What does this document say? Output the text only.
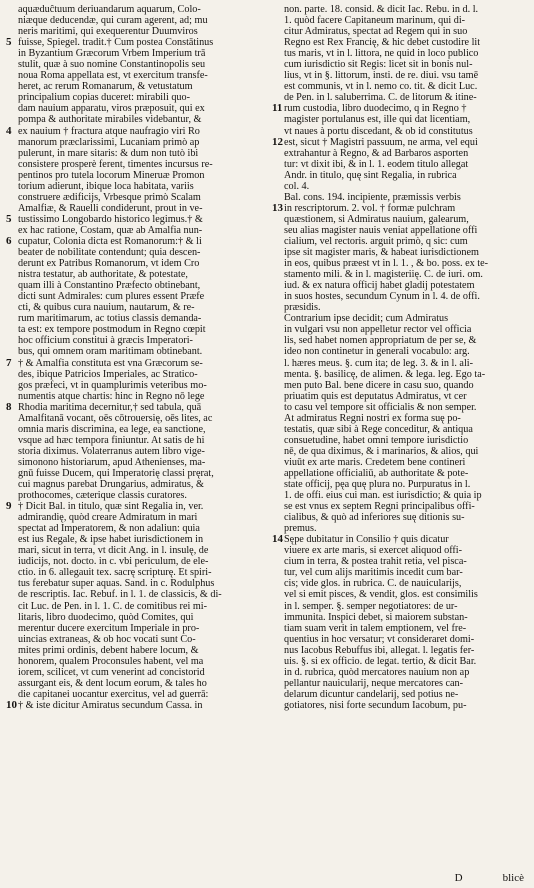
aquæduĉtuum deriuandarum aquarum, Colo-
niæque deducendæ, qui curam agerent, ad; mu
neris maritimi, qui exequerentur Duumviros
5 fuisse, Spiegel. tradit.† Cum postea Constātinus
in Byzantium Græcorum Vrbem Imperium trā
stulit, quæ à suo nomine Constantinopolis seu
noua Roma appellata est, vt exercitum transfe-
heret, ac rerum Romanarum, & vetustatum
principalium copias duceret: mirabili quo-
dam nauium apparatu, viros præposuit, qui ex
pompa & authoritate mirabiles videbantur, &
4 ex nauium † fractura atque naufragio viri Ro
manorum præclarissimi, Lucaniam primò ap
pulerunt, in mare sitaris: & dum non tutò ibi
consistere prosperè ferent, timentes incursus re-
pentinos pro tutela locorum Mineruæ Promon
torium adierunt, ibique loca habitata, variis
construere ædificijs, Vrbesque primò Scalam
Amalfiæ, & Rauelli condiderunt, prout in ve-
5 tustissimo Longobardo historico legimus.† &
ex hac ratione, Costam, quæ ab Amalfia nun-
6 cupatur, Colonia dicta est Romanorum:† & li
beater de nobilitate contendunt; quia descen-
derunt ex Patribus Romanorum, vt idem Cro
nistra testatur, ab authoritate, & potestate,
quam illi à Constantino Præfecto obtinebant,
dicti sunt Admirales: cum plures essent Præfe
cti, & quibus cura nauium, nautarum, & re-
rum maritimarum, ac totius classis demanda-
ta est: ex tempore postmodum in Regno cœpit
hoc officium constitui à græcis Imperatori-
bus, qui omnem oram maritimam obtinebant.
7 † & Amalfia constituta est vna Græcorum se-
des, ibique Patricios Imperiales, ac Stratico-
gos præfeci, vt in quamplurimis veteribus mo-
numentis atque chartis: hinc in Regno nō lege
8 Rhodia maritima decernitur,† sed tabula, quā
Amalfitanā vocant, oēs cōtrouersię, oēs lites, ac
omnia maris discrimina, ea lege, ea sanctione,
vsque ad hæc tempora finiuntur. At satis de hi
storia diximus. Volaterranus autem libro vige-
simonono historiarum, apud Athenienses, ma-
gnū fuisse Ducem, qui Imperatorię classi pręrat,
cui magnus parebat Drungarius, admiratus, &
prothocomes, cæterique classis curatores.
9 † Dicit Bal. in titulo, quæ sint Regalia in, ver.
admirandię, quòd creare Admiratum in mari
spectat ad Imperatorem, & non adaliun: quia
est ius Regale, & ipse habet iurisdictionem in
mari, sicut in terra, vt dicit Ang. in l. insulę, de
iudicijs, not. docto. in c. vbi periculum, de ele-
ctio. in 6. allegauit tex. sacrę scripturę. Et spiri-
tus ferebatur super aquas. Sand. in c. Rodulphus
de rescriptis. Iac. Rebuf. in l. 1. de classicis, & di-
cit Luc. de Pen. in l. 1. C. de comitibus rei mi-
litaris, libro duodecimo, quòd Comites, qui
merentur ducere exercitum Imperiale in pro-
uincias extraneas, & ob hoc vocati sunt Co-
mites primi ordinis, debent habere locum, &
honorem, qualem Proconsules habent, vel ma
iorem, scilicet, vt cum venerint ad concistorid
assurgant eis, & dent locum eorum, & tales ho
die capitanei uocantur exercitus, vel ad guerrā:
10 † & iste dicitur Amiratus secundum Cassa. in
non. parte. 18. consid. & dicit Iac. Rebu. in d. l.
1. quòd facere Capitaneum marinum, qui di-
citur Admiratus, spectat ad Regem qui in suo
Regno est Rex Francię, & hic debet custodire lit
tus maris, vt in l. littora, ne quid in loco publico
cum iurisdictio sit Regis: licet sit in bonis nul-
lius, vt in §. littorum, insti. de re. diui. vsu tamē
est communis, vt in l. nemo co. tit. & dicit Luc.
de Pen. in l. saluberrima. C. de litorum & itine-
11 rum custodia, libro duodecimo, q in Regno †
magister portulanus est, ille qui dat licentiam,
vt naues à portu discedant, & ob id constitutus
12 est, sicut † Magistri passuum, ne arma, vel equi
extrahantur à Regno, & ad Barbaros asporten
tur: vt dixit ibi, & in l. 1. eodem titulo allegat
Andr. in titulo, quę sint Regalia, in rubrica
col. 4.
Bal. cons. 194. incipiente, præmissis verbis
13 in rescriptorum. 2. vol. † formæ pulchram
quæstionem, si Admiratus nauium, galearum,
seu alias magister nauis veniat appellatione offi
cialium, vel rectoris. arguit primò, q sic: cum
ipse sit magister maris, & habeat iurisdictionem
in eos, quibus præest vt in l. 1. , & bo. poss. ex te-
stamento mili. & in l. magisteriię. C. de iuri. om.
iud. & ex natura officij habet gladij potestatem
in suos hostes, secundum Cynum in l. 4. de offi.
præsidis.
Contrarium ipse decidit; cum Admiratus
in vulgari vsu non appelletur rector vel officia
lis, sed habet nomen appropriatum de per se, &
ideo non continetur in generali vocabulo: arg.
l. hæres meus. §. cum ita; de leg. 3. & in l. ali-
menta. §. basilicę, de alimen. & lega. leg. Ego ta-
men puto Bal. bene dicere in casu suo, quando
priuatim quis est deputatus Admiratus, vt cer
to casu vel tempore sit officialis & non semper.
At admiratus Regni nostri ex forma suę po-
testatis, quæ sibi à Rege conceditur, & antiqua
consuetudine, habet omni tempore iurisdictio
nē, de qua diximus, & i marinarios, & alios, qui
viuūt ex arte maris. Credetem bene contineri
appellatione officialiū, ab authoritate & pote-
state officij, pęa quę plura no. Purpuratus in l.
1. de offi. eius cui man. est iurisdictio; & quia ip
se est vnus ex septem Regni principalibus offi-
cialibus, & quò ad inferiores suę ditionis su-
premus.
14 Sępe dubitatur in Consilio † quis dicatur
viuere ex arte maris, si exercet aliquod offi-
cium in terra, & postea trahit retia, vel pisca-
tur, vel cum alijs maritimis incedit cum bar-
cis; vide glos. in rubrica. C. de nauicularijs,
vel si emit pisces, & vendit, glos. est consimilis
in l. semper. §. semper negotiatores: de ur-
immunita. Inspici debet, si maiorem substan-
tiam suam verit in talem emptionem, vel fre-
quentius in hoc versatur; vt consideraret domi-
nus Iacobus Rebuffus ibi, allegat. l. legatis fer-
uis. §. si ex officio. de legat. tertio, & dicit Bar.
in d. rubrica, quòd mercatores nauium non ap
pellantur nauicularij, neque mercatores can-
delarum dicuntur candelarij, sed potius ne-
gotiatores, nisi forte secundum Iacobum, pu-
D	blicè
